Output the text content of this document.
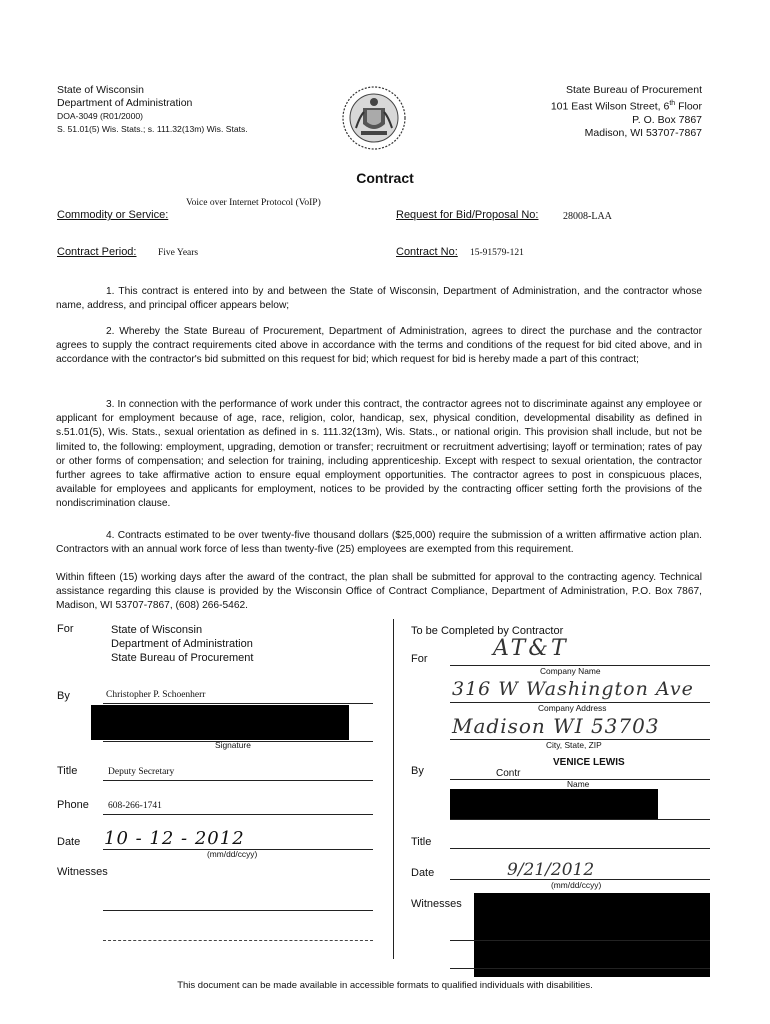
State of Wisconsin
Department of Administration
DOA-3049 (R01/2000)
S. 51.01(5) Wis. Stats.; s. 111.32(13m) Wis. Stats.
State Bureau of Procurement
101 East Wilson Street, 6th Floor
P. O. Box 7867
Madison, WI 53707-7867
Contract
Voice over Internet Protocol (VoIP)
Commodity or Service:	Request for Bid/Proposal No: 28008-LAA
Contract Period: Five Years	Contract No: 15-91579-121
1. This contract is entered into by and between the State of Wisconsin, Department of Administration, and the contractor whose name, address, and principal officer appears below;
2. Whereby the State Bureau of Procurement, Department of Administration, agrees to direct the purchase and the contractor agrees to supply the contract requirements cited above in accordance with the terms and conditions of the request for bid cited above, and in accordance with the contractor's bid submitted on this request for bid; which request for bid is hereby made a part of this contract;
3. In connection with the performance of work under this contract, the contractor agrees not to discriminate against any employee or applicant for employment because of age, race, religion, color, handicap, sex, physical condition, developmental disability as defined in s.51.01(5), Wis. Stats., sexual orientation as defined in s. 111.32(13m), Wis. Stats., or national origin. This provision shall include, but not be limited to, the following: employment, upgrading, demotion or transfer; recruitment or recruitment advertising; layoff or termination; rates of pay or other forms of compensation; and selection for training, including apprenticeship. Except with respect to sexual orientation, the contractor further agrees to take affirmative action to ensure equal employment opportunities. The contractor agrees to post in conspicuous places, available for employees and applicants for employment, notices to be provided by the contracting officer setting forth the provisions of the nondiscrimination clause.
4. Contracts estimated to be over twenty-five thousand dollars ($25,000) require the submission of a written affirmative action plan. Contractors with an annual work force of less than twenty-five (25) employees are exempted from this requirement.
Within fifteen (15) working days after the award of the contract, the plan shall be submitted for approval to the contracting agency. Technical assistance regarding this clause is provided by the Wisconsin Office of Contract Compliance, Department of Administration, P.O. Box 7867, Madison, WI 53707-7867, (608) 266-5462.
For	State of Wisconsin
Department of Administration
State Bureau of Procurement
By	Christopher P. Schoenherr
Signature
Title	Deputy Secretary
Phone 608-266-1741
Date 10 - 12 - 2012
(mm/dd/ccyy)
Witnesses
To be Completed by Contractor
For	AT&T
Company Name
316 W Washington Ave
Company Address
Madison WI 53703
City, State, ZIP
By
VENICE LEWIS
Contr
Name
Title
Date	9/21/2012
(mm/dd/ccyy)
Witnesses
This document can be made available in accessible formats to qualified individuals with disabilities.
